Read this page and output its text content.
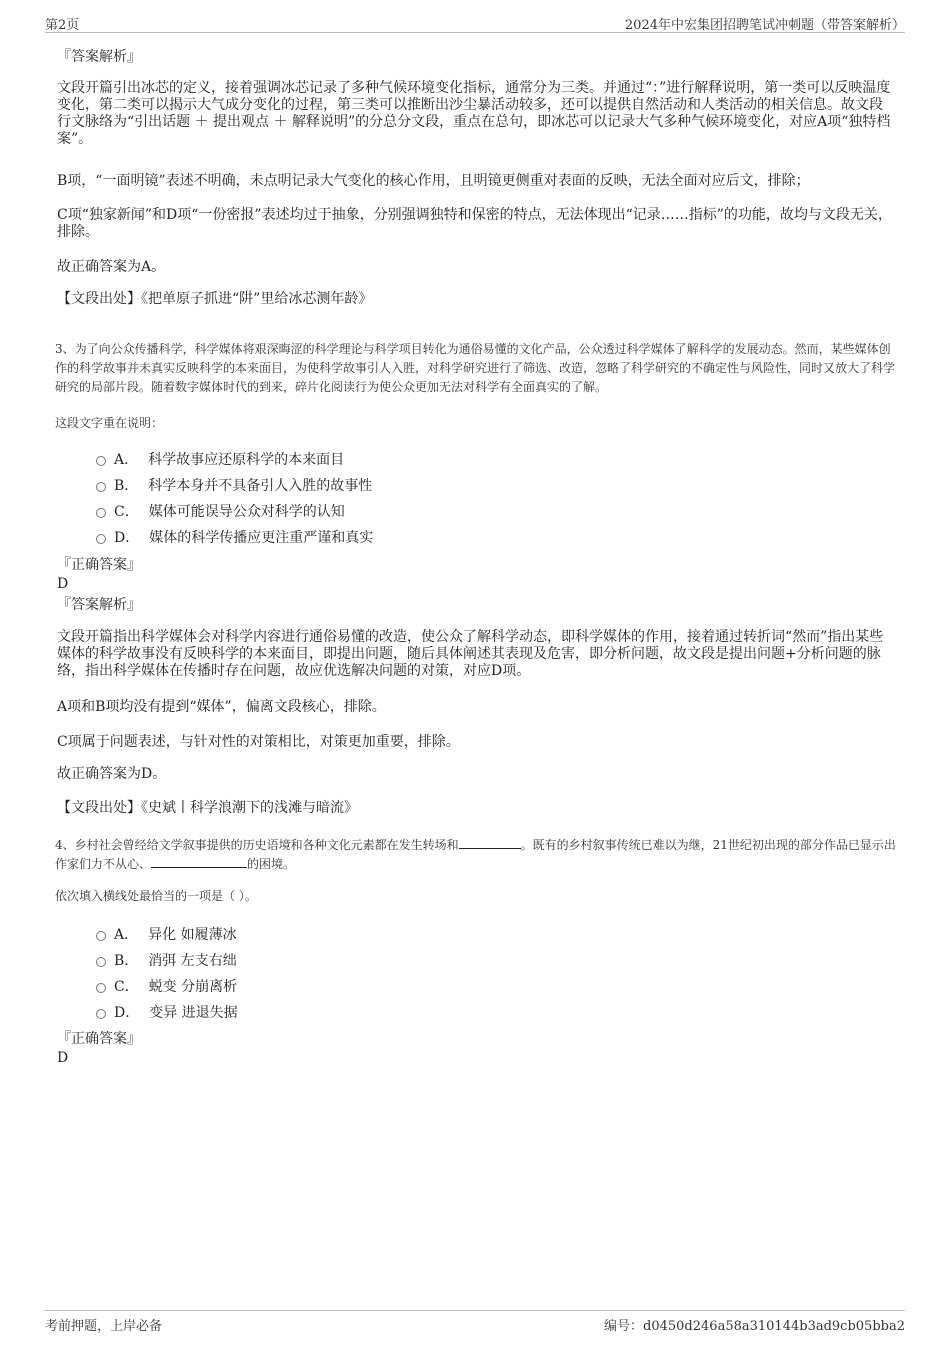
第2页	2024年中宏集团招聘笔试冲刺题（带答案解析）
『答案解析』
文段开篇引出冰芯的定义，接着强调冰芯记录了多种气候环境变化指标，通常分为三类。并通过“：”进行解释说明，第一类可以反映温度变化，第二类可以揭示大气成分变化的过程，第三类可以推断出沙尘暴活动较多，还可以提供自然活动和人类活动的相关信息。故文段行文脉络为“引出话题 ＋ 提出观点 ＋ 解释说明”的分总分文段，重点在总句，即冰芯可以记录大气多种气候环境变化，对应A项“独特档案”。
B项，“一面明镜”表述不明确，未点明记录大气变化的核心作用，且明镜更侧重对表面的反映，无法全面对应后文，排除；
C项“独家新闻”和D项“一份密报”表述均过于抽象，分别强调独特和保密的特点，无法体现出“记录……指标”的功能，故均与文段无关，排除。
故正确答案为A。
【文段出处】《把单原子抓进“阱”里给冰芯测年龄》
3、为了向公众传播科学，科学媒体将艰深晦涩的科学理论与科学项目转化为通俗易懂的文化产品，公众透过科学媒体了解科学的发展动态。然而，某些媒体创作的科学故事并未真实反映科学的本来面目，为使科学故事引人入胜，对科学研究进行了筛选、改造，忽略了科学研究的不确定性与风险性，同时又放大了科学研究的局部片段。随着数字媒体时代的到来，碎片化阅读行为使公众更加无法对科学有全面真实的了解。
这段文字重在说明：
A． 科学故事应还原科学的本来面目
B． 科学本身并不具备引人入胜的故事性
C． 媒体可能误导公众对科学的认知
D． 媒体的科学传播应更注重严谨和真实
『正确答案』
D
『答案解析』
文段开篇指出科学媒体会对科学内容进行通俗易懂的改造，使公众了解科学动态，即科学媒体的作用，接着通过转折词“然而”指出某些媒体的科学故事没有反映科学的本来面目，即提出问题，随后具体阐述其表现及危害，即分析问题，故文段是提出问题+分析问题的脉络，指出科学媒体在传播时存在问题，故应优选解决问题的对策，对应D项。
A项和B项均没有提到“媒体”，偏离文段核心，排除。
C项属于问题表述，与针对性的对策相比，对策更加重要，排除。
故正确答案为D。
【文段出处】《史斌丨科学浪潮下的浅滩与暗流》
4、乡村社会曾经给文学叙事提供的历史语境和各种文化元素都在发生转场和	。既有的乡村叙事传统已难以为继，21世纪初出现的部分作品已显示出作家们力不从心、	的困境。
依次填入横线处最恰当的一项是（ ）。
A． 异化 如履薄冰
B． 消弭 左支右绌
C． 蜕变 分崩离析
D． 变异 进退失据
『正确答案』
D
考前押题，上岸必备	编号：d0450d246a58a310144b3ad9cb05bba2
